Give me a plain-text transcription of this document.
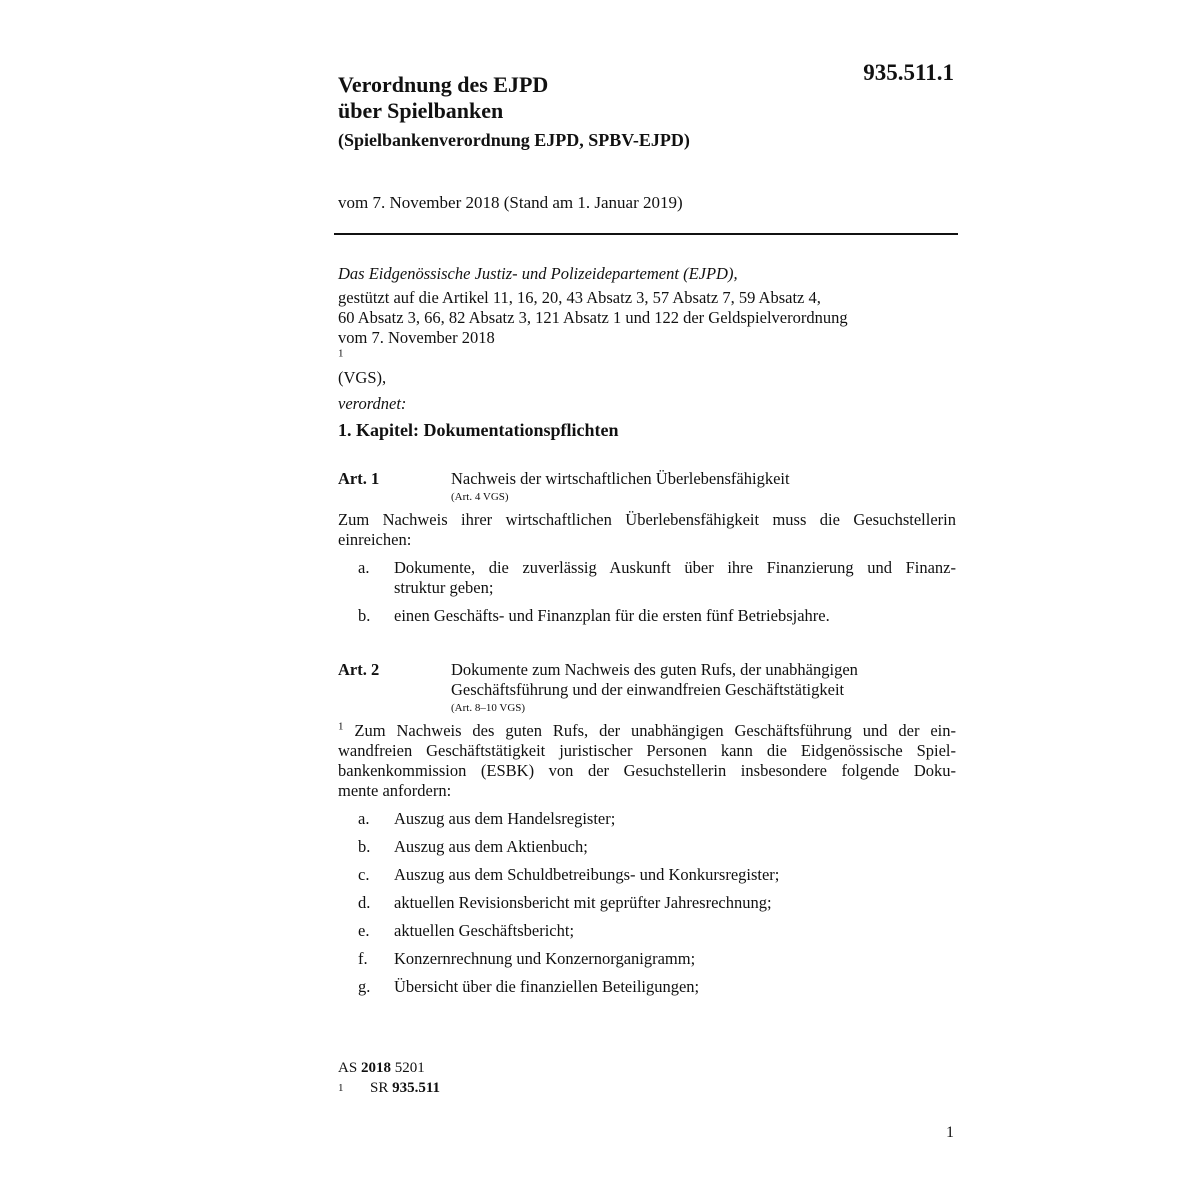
935.511.1
Verordnung des EJPD
über Spielbanken
(Spielbankenverordnung EJPD, SPBV-EJPD)

vom 7. November 2018 (Stand am 1. Januar 2019)

Das Eidgenössische Justiz- und Polizeidepartement (EJPD),

gestützt auf die Artikel 11, 16, 20, 43 Absatz 3, 57 Absatz 7, 59 Absatz 4,
60 Absatz 3, 66, 82 Absatz 3, 121 Absatz 1 und 122 der Geldspielverordnung
vom 7. November 2018
$^1$
(VGS),

verordnet:

1. Kapitel: Dokumentationspflichten
Art. 1	Nachweis der wirtschaftlichen Überlebensfähigkeit
(Art. 4 VGS)

Zum Nachweis ihrer wirtschaftlichen Überlebensfähigkeit muss die Gesuchstellerin
einreichen:

a.	Dokumente, die zuverlässig Auskunft über ihre Finanzierung und Finanz-
struktur geben;
b.	einen Geschäfts- und Finanzplan für die ersten fünf Betriebsjahre.
Art. 2	Dokumente zum Nachweis des guten Rufs, der unabhängigen
Geschäftsführung und der einwandfreien Geschäftstätigkeit
(Art. 8–10 VGS)

$^1$ Zum Nachweis des guten Rufs, der unabhängigen Geschäftsführung und der ein-
wandfreien Geschäftstätigkeit juristischer Personen kann die Eidgenössische Spiel-
bankenkommission (ESBK) von der Gesuchstellerin insbesondere folgende Doku-
mente anfordern:

a.	Auszug aus dem Handelsregister;
b.	Auszug aus dem Aktienbuch;
c.	Auszug aus dem Schuldbetreibungs- und Konkursregister;
d.	aktuellen Revisionsbericht mit geprüfter Jahresrechnung;
e.	aktuellen Geschäftsbericht;
f.	Konzernrechnung und Konzernorganigramm;
g.	Übersicht über die finanziellen Beteiligungen;
AS 2018 5201
1	SR 935.511
1
